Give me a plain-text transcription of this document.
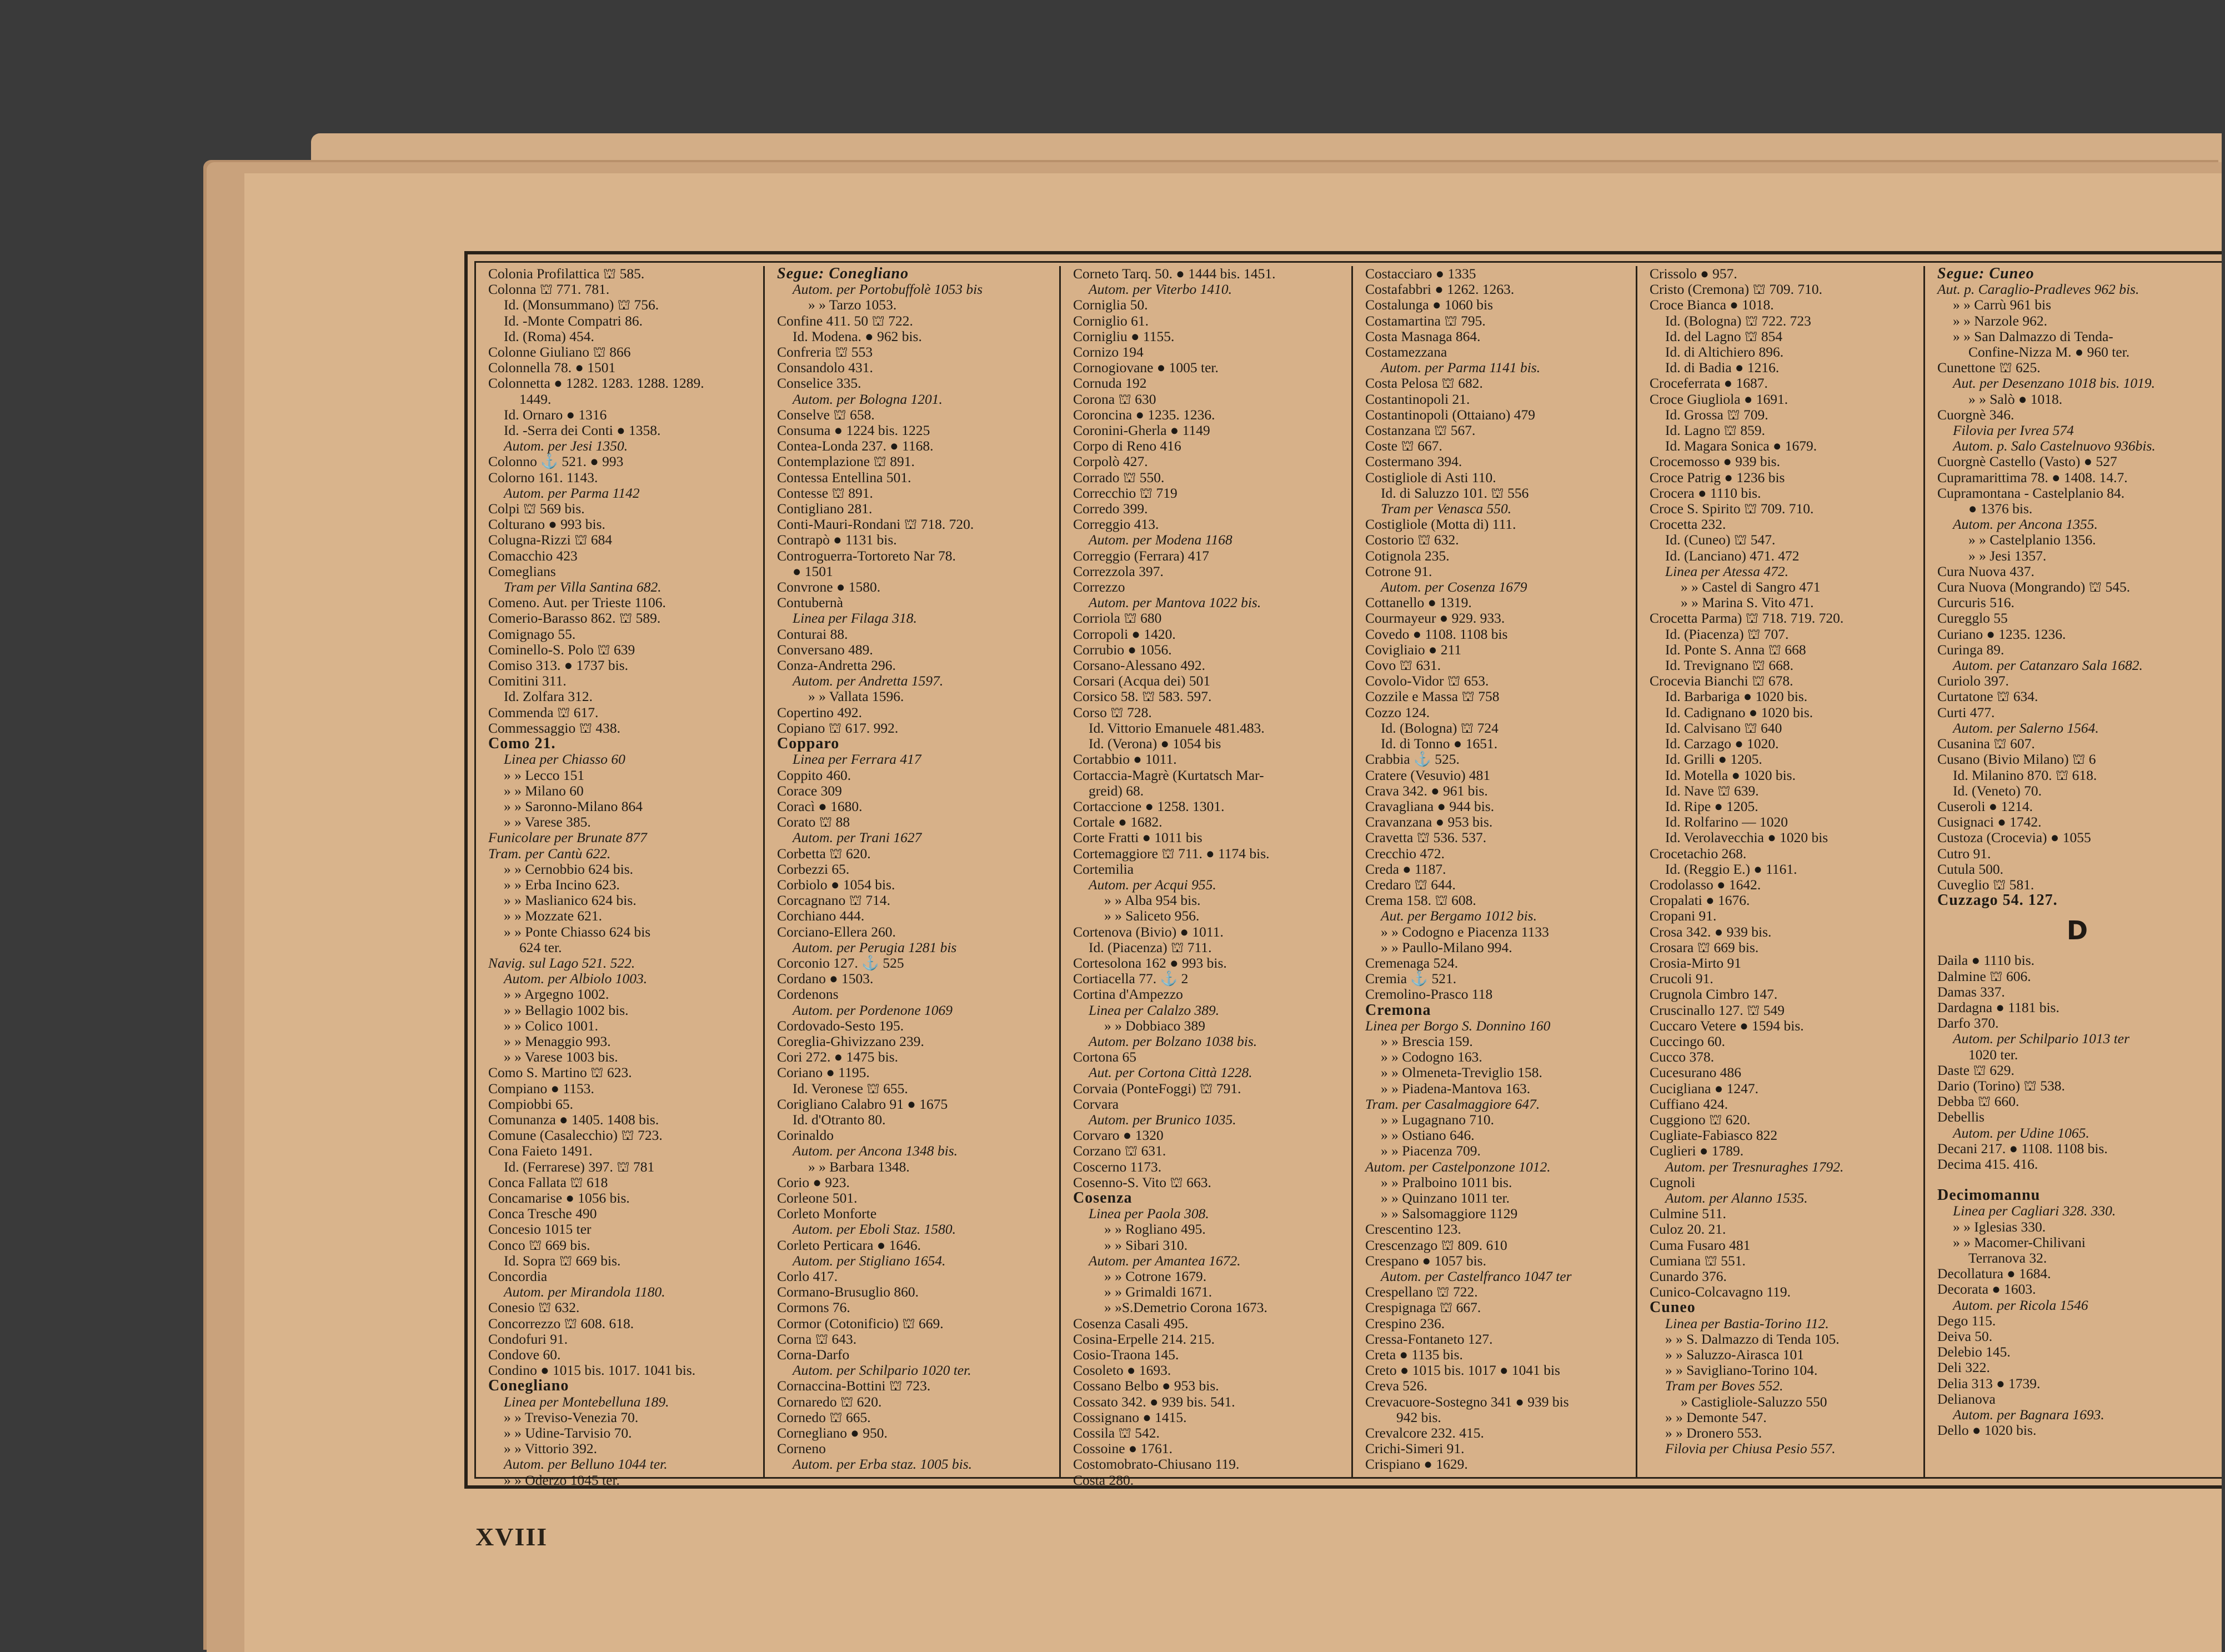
Colonia Profilattica ⛫ 585.
Colonna ⛫ 771. 781.
Id. (Monsummano) ⛫ 756.
Id. -Monte Compatri 86.
Id. (Roma) 454.
Colonne Giuliano ⛫ 866
Colonnella 78. ● 1501
Colonnetta ● 1282. 1283. 1288. 1289.
1449.
Id. Ornaro ● 1316
Id. -Serra dei Conti ● 1358.
Autom. per Jesi 1350.
Colonno ⚓ 521. ● 993
Colorno 161. 1143.
Autom. per Parma 1142
Colpi ⛫ 569 bis.
Colturano ● 993 bis.
Colugna-Rizzi ⛫ 684
Comacchio 423
Comeglians
Tram per Villa Santina 682.
Comeno. Aut. per Trieste 1106.
Comerio-Barasso 862. ⛫ 589.
Comignago 55.
Cominello-S. Polo ⛫ 639
Comiso 313. ● 1737 bis.
Comitini 311.
Id. Zolfara 312.
Commenda ⛫ 617.
Commessaggio ⛫ 438.
Como 21.
Linea per Chiasso 60
» » Lecco 151
» » Milano 60
» » Saronno-Milano 864
» » Varese 385.
Funicolare per Brunate 877
Tram. per Cantù 622.
» » Cernobbio 624 bis.
» » Erba Incino 623.
» » Maslianico 624 bis.
» » Mozzate 621.
» » Ponte Chiasso 624 bis
624 ter.
Navig. sul Lago 521. 522.
Autom. per Albiolo 1003.
» » Argegno 1002.
» » Bellagio 1002 bis.
» » Colico 1001.
» » Menaggio 993.
» » Varese 1003 bis.
Como S. Martino ⛫ 623.
Compiano ● 1153.
Compiobbi 65.
Comunanza ● 1405. 1408 bis.
Comune (Casalecchio) ⛫ 723.
Cona Faieto 1491.
Id. (Ferrarese) 397. ⛫ 781
Conca Fallata ⛫ 618
Concamarise ● 1056 bis.
Conca Tresche 490
Concesio 1015 ter
Conco ⛫ 669 bis.
Id. Sopra ⛫ 669 bis.
Concordia
Autom. per Mirandola 1180.
Conesio ⛫ 632.
Concorrezzo ⛫ 608. 618.
Condofuri 91.
Condove 60.
Condino ● 1015 bis. 1017. 1041 bis.
Conegliano
Linea per Montebelluna 189.
» » Treviso-Venezia 70.
» » Udine-Tarvisio 70.
» » Vittorio 392.
Autom. per Belluno 1044 ter.
» » Oderzo 1045 ter.
Segue: Conegliano
Autom. per Portobuffolè 1053 bis
» » Tarzo 1053.
Confine 411. 50 ⛫ 722.
Id. Modena. ● 962 bis.
Confreria ⛫ 553
Consandolo 431.
Conselice 335.
Autom. per Bologna 1201.
Conselve ⛫ 658.
Consuma ● 1224 bis. 1225
Contea-Londa 237. ● 1168.
Contemplazione ⛫ 891.
Contessa Entellina 501.
Contesse ⛫ 891.
Contigliano 281.
Conti-Mauri-Rondani ⛫ 718. 720.
Contrapò ● 1131 bis.
Controguerra-Tortoreto Nar 78.
● 1501
Convrone ● 1580.
Contubernà
Linea per Filaga 318.
Conturai 88.
Conversano 489.
Conza-Andretta 296.
Autom. per Andretta 1597.
» » Vallata 1596.
Copertino 492.
Copiano ⛫ 617. 992.
Copparo
Linea per Ferrara 417
Coppito 460.
Corace 309
Coracì ● 1680.
Corato ⛫ 88
Autom. per Trani 1627
Corbetta ⛫ 620.
Corbezzi 65.
Corbiolo ● 1054 bis.
Corcagnano ⛫ 714.
Corchiano 444.
Corciano-Ellera 260.
Autom. per Perugia 1281 bis
Corconio 127. ⚓ 525
Cordano ● 1503.
Cordenons
Autom. per Pordenone 1069
Cordovado-Sesto 195.
Coreglia-Ghivizzano 239.
Cori 272. ● 1475 bis.
Coriano ● 1195.
Id. Veronese ⛫ 655.
Corigliano Calabro 91 ● 1675
Id. d'Otranto 80.
Corinaldo
Autom. per Ancona 1348 bis.
» » Barbara 1348.
Corio ● 923.
Corleone 501.
Corleto Monforte
Autom. per Eboli Staz. 1580.
Corleto Perticara ● 1646.
Autom. per Stigliano 1654.
Corlo 417.
Cormano-Brusuglio 860.
Cormons 76.
Cormor (Cotonificio) ⛫ 669.
Corna ⛫ 643.
Corna-Darfo
Autom. per Schilpario 1020 ter.
Cornaccina-Bottini ⛫ 723.
Cornaredo ⛫ 620.
Cornedo ⛫ 665.
Cornegliano ● 950.
Corneno
Autom. per Erba staz. 1005 bis.
Corneto Tarq. 50. ● 1444 bis. 1451.
Autom. per Viterbo 1410.
Corniglia 50.
Corniglio 61.
Cornigliu ● 1155.
Cornizo 194
Cornogiovane ● 1005 ter.
Cornuda 192
Corona ⛫ 630
Coroncina ● 1235. 1236.
Coronini-Gherla ● 1149
Corpo di Reno 416
Corpolò 427.
Corrado ⛫ 550.
Correcchio ⛫ 719
Corredo 399.
Correggio 413.
Autom. per Modena 1168
Correggio (Ferrara) 417
Correzzola 397.
Correzzo
Autom. per Mantova 1022 bis.
Corriola ⛫ 680
Corropoli ● 1420.
Corrubio ● 1056.
Corsano-Alessano 492.
Corsari (Acqua dei) 501
Corsico 58. ⛫ 583. 597.
Corso ⛫ 728.
Id. Vittorio Emanuele 481.483.
Id. (Verona) ● 1054 bis
Cortabbio ● 1011.
Cortaccia-Magrè (Kurtatsch Mar-
greid) 68.
Cortaccione ● 1258. 1301.
Cortale ● 1682.
Corte Fratti ● 1011 bis
Cortemaggiore ⛫ 711. ● 1174 bis.
Cortemilia
Autom. per Acqui 955.
» » Alba 954 bis.
» » Saliceto 956.
Cortenova (Bivio) ● 1011.
Id. (Piacenza) ⛫ 711.
Cortesolona 162 ● 993 bis.
Cortiacella 77. ⚓ 2
Cortina d'Ampezzo
Linea per Calalzo 389.
» » Dobbiaco 389
Autom. per Bolzano 1038 bis.
Cortona 65
Aut. per Cortona Città 1228.
Corvaia (PonteFoggi) ⛫ 791.
Corvara
Autom. per Brunico 1035.
Corvaro ● 1320
Corzano ⛫ 631.
Coscerno 1173.
Cosenno-S. Vito ⛫ 663.
Cosenza
Linea per Paola 308.
» » Rogliano 495.
» » Sibari 310.
Autom. per Amantea 1672.
» » Cotrone 1679.
» » Grimaldi 1671.
» »S.Demetrio Corona 1673.
Cosenza Casali 495.
Cosina-Erpelle 214. 215.
Cosio-Traona 145.
Cosoleto ● 1693.
Cossano Belbo ● 953 bis.
Cossato 342. ● 939 bis. 541.
Cossignano ● 1415.
Cossila ⛫ 542.
Cossoine ● 1761.
Costomobrato-Chiusano 119.
Costa 280.
Costacciaro ● 1335
Costafabbri ● 1262. 1263.
Costalunga ● 1060 bis
Costamartina ⛫ 795.
Costa Masnaga 864.
Costamezzana
Autom. per Parma 1141 bis.
Costa Pelosa ⛫ 682.
Costantinopoli 21.
Costantinopoli (Ottaiano) 479
Costanzana ⛫ 567.
Coste ⛫ 667.
Costermano 394.
Costigliole di Asti 110.
Id. di Saluzzo 101. ⛫ 556
Tram per Venasca 550.
Costigliole (Motta di) 111.
Costorio ⛫ 632.
Cotignola 235.
Cotrone 91.
Autom. per Cosenza 1679
Cottanello ● 1319.
Courmayeur ● 929. 933.
Covedo ● 1108. 1108 bis
Covigliaio ● 211
Covo ⛫ 631.
Covolo-Vidor ⛫ 653.
Cozzile e Massa ⛫ 758
Cozzo 124.
Id. (Bologna) ⛫ 724
Id. di Tonno ● 1651.
Crabbia ⚓ 525.
Cratere (Vesuvio) 481
Crava 342. ● 961 bis.
Cravagliana ● 944 bis.
Cravanzana ● 953 bis.
Cravetta ⛫ 536. 537.
Crecchio 472.
Creda ● 1187.
Credaro ⛫ 644.
Crema 158. ⛫ 608.
Aut. per Bergamo 1012 bis.
» » Codogno e Piacenza 1133
» » Paullo-Milano 994.
Cremenaga 524.
Cremia ⚓ 521.
Cremolino-Prasco 118
Cremona
Linea per Borgo S. Donnino 160
» » Brescia 159.
» » Codogno 163.
» » Olmeneta-Treviglio 158.
» » Piadena-Mantova 163.
Tram. per Casalmaggiore 647.
» » Lugagnano 710.
» » Ostiano 646.
» » Piacenza 709.
Autom. per Castelponzone 1012.
» » Pralboino 1011 bis.
» » Quinzano 1011 ter.
» » Salsomaggiore 1129
Crescentino 123.
Crescenzago ⛫ 809. 610
Crespano ● 1057 bis.
Autom. per Castelfranco 1047 ter
Crespellano ⛫ 722.
Crespignaga ⛫ 667.
Crespino 236.
Cressa-Fontaneto 127.
Creta ● 1135 bis.
Creto ● 1015 bis. 1017 ● 1041 bis
Creva 526.
Crevacuore-Sostegno 341 ● 939 bis
942 bis.
Crevalcore 232. 415.
Crichi-Simeri 91.
Crispiano ● 1629.
Crissolo ● 957.
Cristo (Cremona) ⛫ 709. 710.
Croce Bianca ● 1018.
Id. (Bologna) ⛫ 722. 723
Id. del Lagno ⛫ 854
Id. di Altichiero 896.
Id. di Badia ● 1216.
Croceferrata ● 1687.
Croce Giugliola ● 1691.
Id. Grossa ⛫ 709.
Id. Lagno ⛫ 859.
Id. Magara Sonica ● 1679.
Crocemosso ● 939 bis.
Croce Patrig ● 1236 bis
Crocera ● 1110 bis.
Croce S. Spirito ⛫ 709. 710.
Crocetta 232.
Id. (Cuneo) ⛫ 547.
Id. (Lanciano) 471. 472
Linea per Atessa 472.
» » Castel di Sangro 471
» » Marina S. Vito 471.
Crocetta Parma) ⛫ 718. 719. 720.
Id. (Piacenza) ⛫ 707.
Id. Ponte S. Anna ⛫ 668
Id. Trevignano ⛫ 668.
Crocevia Bianchi ⛫ 678.
Id. Barbariga ● 1020 bis.
Id. Cadignano ● 1020 bis.
Id. Calvisano ⛫ 640
Id. Carzago ● 1020.
Id. Grilli ● 1205.
Id. Motella ● 1020 bis.
Id. Nave ⛫ 639.
Id. Ripe ● 1205.
Id. Rolfarino — 1020
Id. Verolavecchia ● 1020 bis
Crocetachio 268.
Id. (Reggio E.) ● 1161.
Crodolasso ● 1642.
Cropalati ● 1676.
Cropani 91.
Crosa 342. ● 939 bis.
Crosara ⛫ 669 bis.
Crosia-Mirto 91
Crucoli 91.
Crugnola Cimbro 147.
Cruscinallo 127. ⛫ 549
Cuccaro Vetere ● 1594 bis.
Cuccingo 60.
Cucco 378.
Cucesurano 486
Cucigliana ● 1247.
Cuffiano 424.
Cuggiono ⛫ 620.
Cugliate-Fabiasco 822
Cuglieri ● 1789.
Autom. per Tresnuraghes 1792.
Cugnoli
Autom. per Alanno 1535.
Culmine 511.
Culoz 20. 21.
Cuma Fusaro 481
Cumiana ⛫ 551.
Cunardo 376.
Cunico-Colcavagno 119.
Cuneo
Linea per Bastia-Torino 112.
» » S. Dalmazzo di Tenda 105.
» » Saluzzo-Airasca 101
» » Savigliano-Torino 104.
Tram per Boves 552.
» Castigliole-Saluzzo 550
» » Demonte 547.
» » Dronero 553.
Filovia per Chiusa Pesio 557.
Segue: Cuneo
Aut. p. Caraglio-Pradleves 962 bis.
» » Carrù 961 bis
» » Narzole 962.
» » San Dalmazzo di Tenda-
Confine-Nizza M. ● 960 ter.
Cunettone ⛫ 625.
Aut. per Desenzano 1018 bis. 1019.
» » Salò ● 1018.
Cuorgnè 346.
Filovia per Ivrea 574
Autom. p. Salo Castelnuovo 936bis.
Cuorgnè Castello (Vasto) ● 527
Cupramarittima 78. ● 1408. 14.7.
Cupramontana - Castelplanio 84.
● 1376 bis.
Autom. per Ancona 1355.
» » Castelplanio 1356.
» » Jesi 1357.
Cura Nuova 437.
Cura Nuova (Mongrando) ⛫ 545.
Curcuris 516.
Curegglo 55
Curiano ● 1235. 1236.
Curinga 89.
Autom. per Catanzaro Sala 1682.
Curiolo 397.
Curtatone ⛫ 634.
Curti 477.
Autom. per Salerno 1564.
Cusanina ⛫ 607.
Cusano (Bivio Milano) ⛫ 6
Id. Milanino 870. ⛫ 618.
Id. (Veneto) 70.
Cuseroli ● 1214.
Cusignaci ● 1742.
Custoza (Crocevia) ● 1055
Cutro 91.
Cutula 500.
Cuveglio ⛫ 581.
Cuzzago 54. 127.
D
Daila ● 1110 bis.
Dalmine ⛫ 606.
Damas 337.
Dardagna ● 1181 bis.
Darfo 370.
Autom. per Schilpario 1013 ter
1020 ter.
Daste ⛫ 629.
Dario (Torino) ⛫ 538.
Debba ⛫ 660.
Debellis
Autom. per Udine 1065.
Decani 217. ● 1108. 1108 bis.
Decima 415. 416.
Decimomannu
Linea per Cagliari 328. 330.
» » Iglesias 330.
» » Macomer-Chilivani
Terranova 32.
Decollatura ● 1684.
Decorata ● 1603.
Autom. per Ricola 1546
Dego 115.
Deiva 50.
Delebio 145.
Deli 322.
Delia 313 ● 1739.
Delianova
Autom. per Bagnara 1693.
Dello ● 1020 bis.
XVIII
